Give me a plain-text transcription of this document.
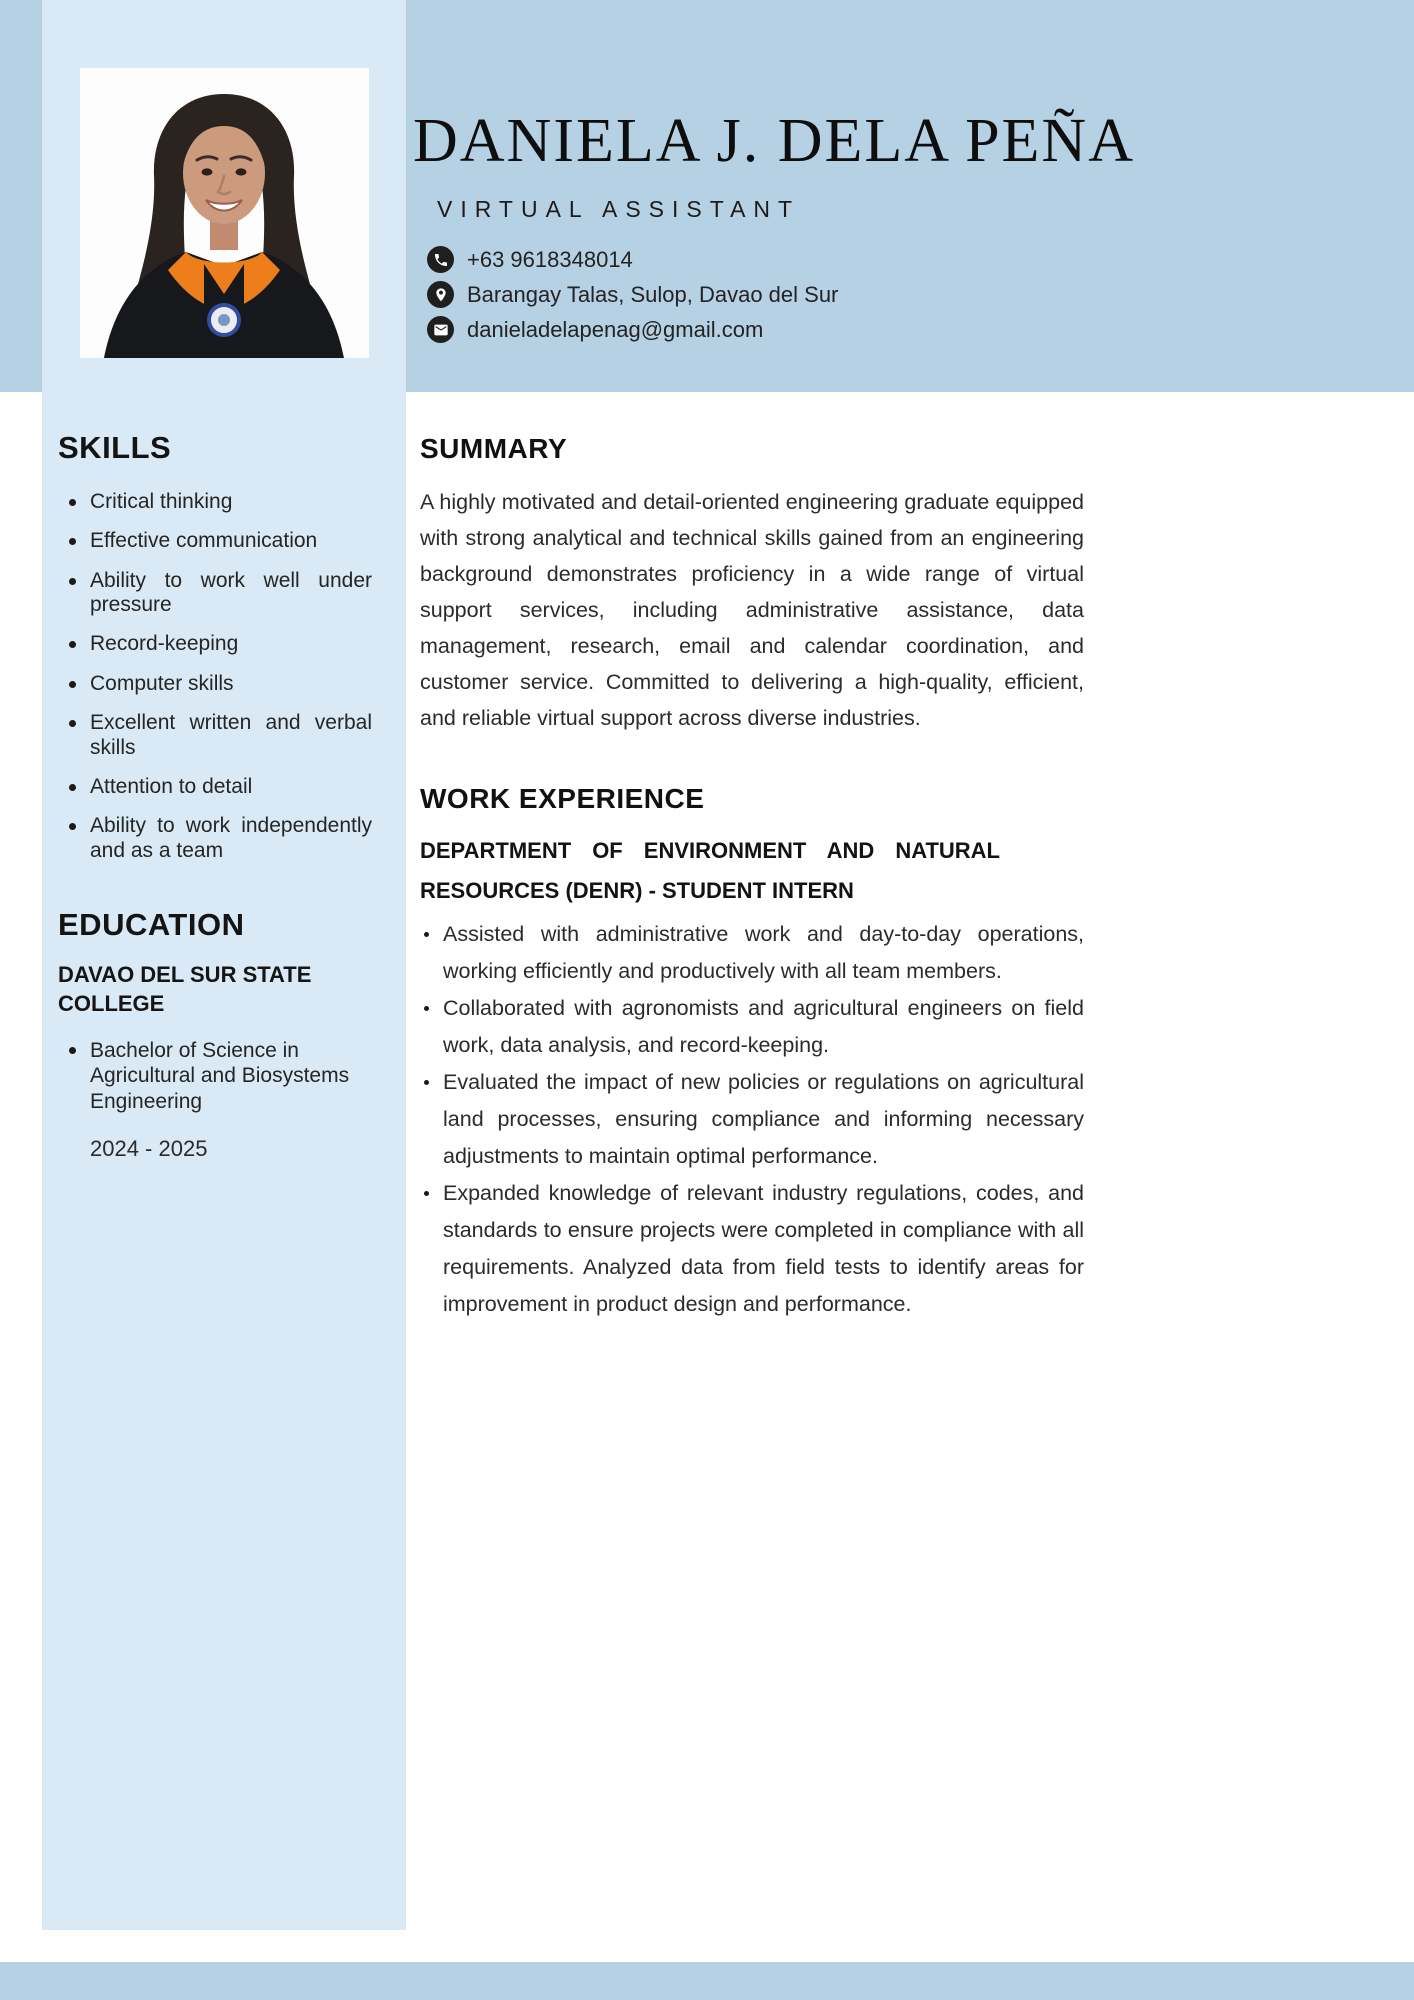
DANIELA J. DELA PEÑA
VIRTUAL ASSISTANT
+63 9618348014
Barangay Talas, Sulop, Davao del Sur
danieladelapenag@gmail.com
SKILLS
Critical thinking
Effective communication
Ability to work well under pressure
Record-keeping
Computer skills
Excellent written and verbal skills
Attention to detail
Ability to work independently and as a team
EDUCATION
DAVAO DEL SUR STATE COLLEGE
Bachelor of Science in Agricultural and Biosystems Engineering
2024 - 2025
SUMMARY
A highly motivated and detail-oriented engineering graduate equipped with strong analytical and technical skills gained from an engineering background demonstrates proficiency in a wide range of virtual support services, including administrative assistance, data management, research, email and calendar coordination, and customer service. Committed to delivering a high-quality, efficient, and reliable virtual support across diverse industries.
WORK EXPERIENCE
DEPARTMENT OF ENVIRONMENT AND NATURAL RESOURCES (DENR) - STUDENT INTERN
Assisted with administrative work and day-to-day operations, working efficiently and productively with all team members.
Collaborated with agronomists and agricultural engineers on field work, data analysis, and record-keeping.
Evaluated the impact of new policies or regulations on agricultural land processes, ensuring compliance and informing necessary adjustments to maintain optimal performance.
Expanded knowledge of relevant industry regulations, codes, and standards to ensure projects were completed in compliance with all requirements. Analyzed data from field tests to identify areas for improvement in product design and performance.
